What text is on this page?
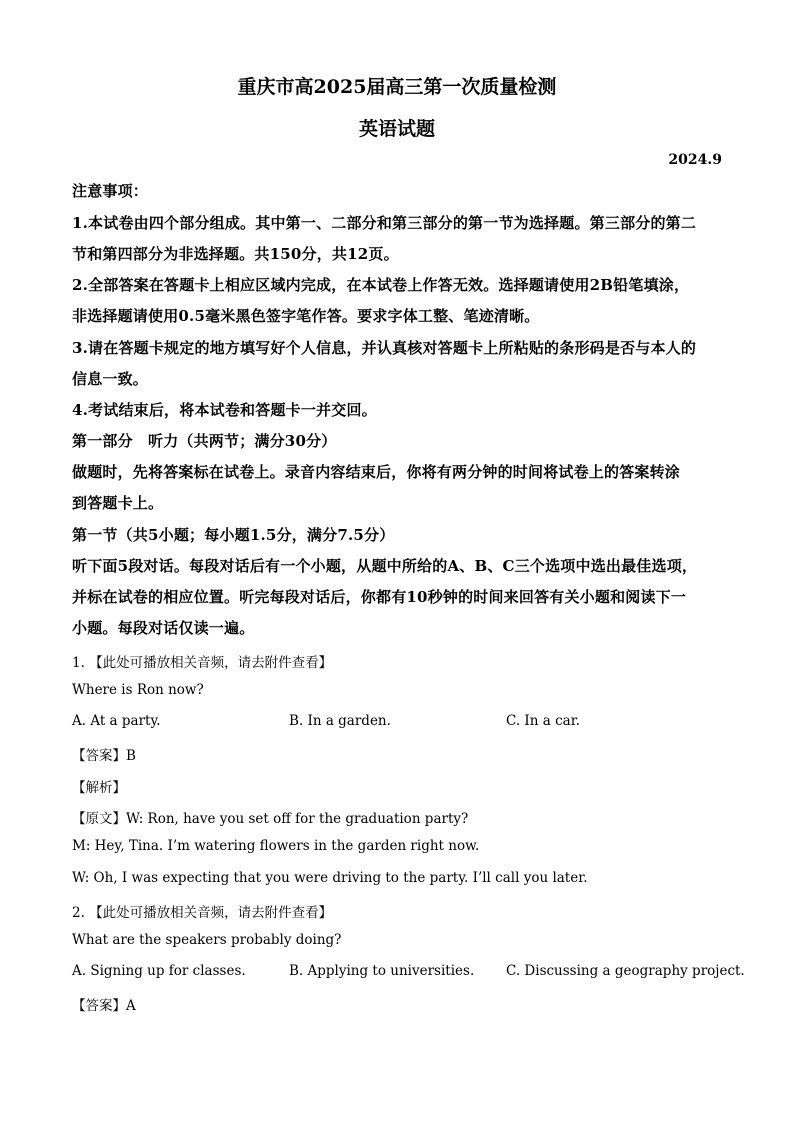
重庆市高2025届高三第一次质量检测
英语试题
2024.9
注意事项：
1.本试卷由四个部分组成。其中第一、二部分和第三部分的第一节为选择题。第三部分的第二
节和第四部分为非选择题。共150分，共12页。
2.全部答案在答题卡上相应区域内完成，在本试卷上作答无效。选择题请使用2B铅笔填涂，
非选择题请使用0.5毫米黑色签字笔作答。要求字体工整、笔迹清晰。
3.请在答题卡规定的地方填写好个人信息，并认真核对答题卡上所粘贴的条形码是否与本人的
信息一致。
4.考试结束后，将本试卷和答题卡一并交回。
第一部分　听力（共两节；满分30分）
做题时，先将答案标在试卷上。录音内容结束后，你将有两分钟的时间将试卷上的答案转涂
到答题卡上。
第一节（共5小题；每小题1.5分，满分7.5分）
听下面5段对话。每段对话后有一个小题，从题中所给的A、B、C三个选项中选出最佳选项，
并标在试卷的相应位置。听完每段对话后，你都有10秒钟的时间来回答有关小题和阅读下一
小题。每段对话仅读一遍。
1. 【此处可播放相关音频，请去附件查看】
Where is Ron now?
A. At a party.	B. In a garden.	C. In a car.
【答案】B
【解析】
【原文】W: Ron, have you set off for the graduation party?
M: Hey, Tina. I’m watering flowers in the garden right now.
W: Oh, I was expecting that you were driving to the party. I’ll call you later.
2. 【此处可播放相关音频，请去附件查看】
What are the speakers probably doing?
A. Signing up for classes.	B. Applying to universities. C. Discussing a geography project.
【答案】A
